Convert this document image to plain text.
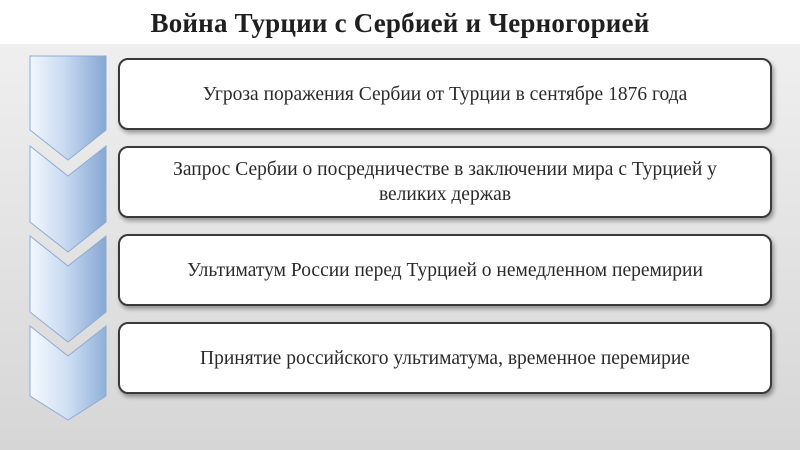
Война Турции с Сербией и Черногорией
Угроза поражения Сербии от Турции в сентябре 1876 года
Запрос Сербии о посредничестве в заключении мира с Турцией у великих держав
Ультиматум России перед Турцией о немедленном перемирии
Принятие российского ультиматума, временное перемирие
